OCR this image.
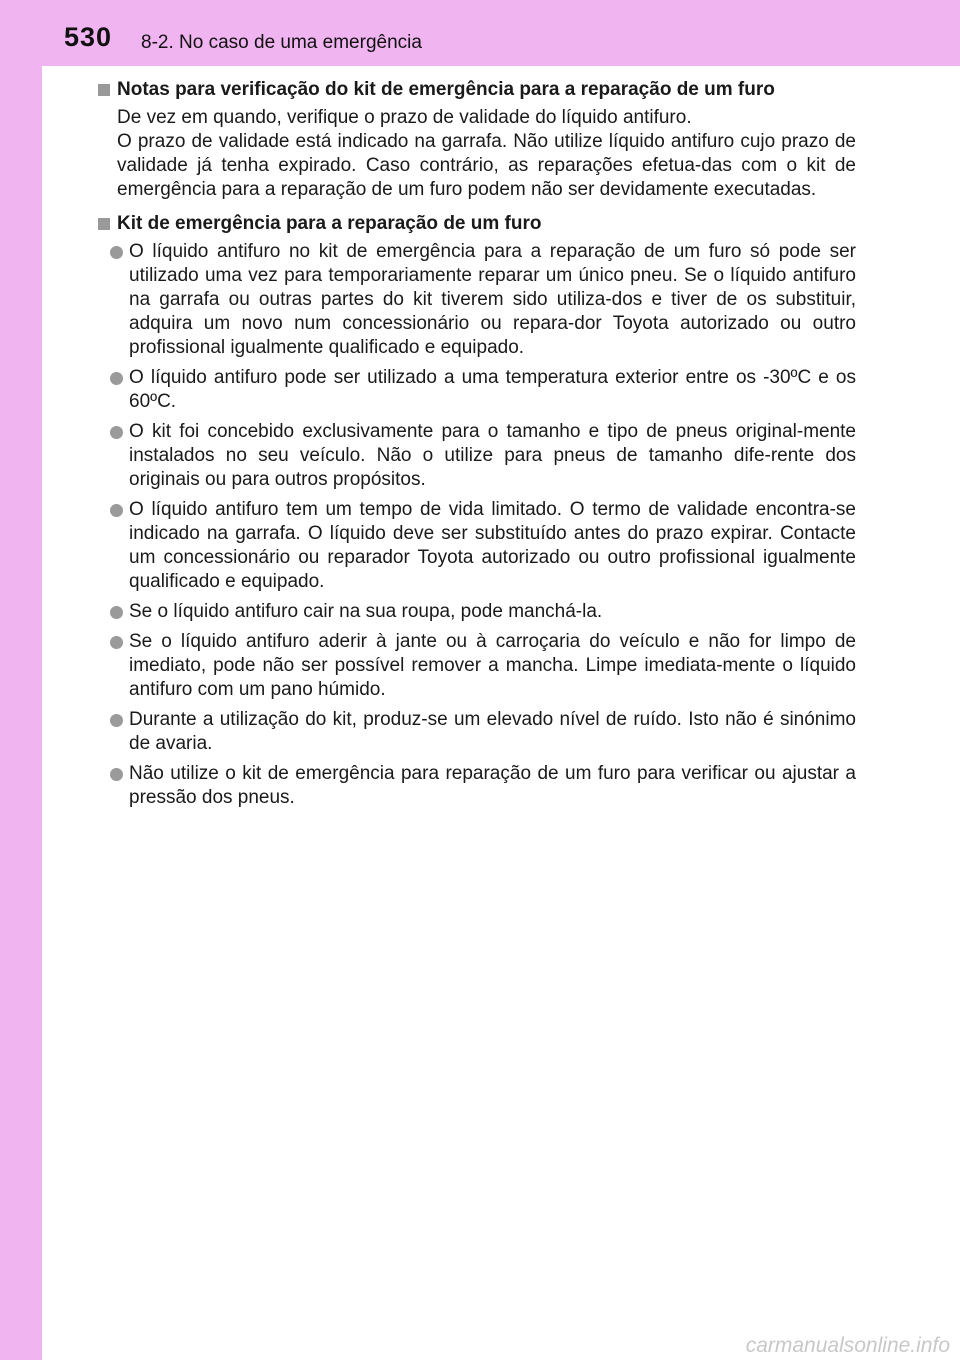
530 8-2. No caso de uma emergência
Notas para verificação do kit de emergência para a reparação de um furo
De vez em quando, verifique o prazo de validade do líquido antifuro.
O prazo de validade está indicado na garrafa. Não utilize líquido antifuro cujo prazo de validade já tenha expirado. Caso contrário, as reparações efetua-das com o kit de emergência para a reparação de um furo podem não ser devidamente executadas.
Kit de emergência para a reparação de um furo
O líquido antifuro no kit de emergência para a reparação de um furo só pode ser utilizado uma vez para temporariamente reparar um único pneu. Se o líquido antifuro na garrafa ou outras partes do kit tiverem sido utiliza-dos e tiver de os substituir, adquira um novo num concessionário ou repara-dor Toyota autorizado ou outro profissional igualmente qualificado e equipado.
O líquido antifuro pode ser utilizado a uma temperatura exterior entre os -30ºC e os 60ºC.
O kit foi concebido exclusivamente para o tamanho e tipo de pneus original-mente instalados no seu veículo. Não o utilize para pneus de tamanho dife-rente dos originais ou para outros propósitos.
O líquido antifuro tem um tempo de vida limitado. O termo de validade encontra-se indicado na garrafa. O líquido deve ser substituído antes do prazo expirar. Contacte um concessionário ou reparador Toyota autorizado ou outro profissional igualmente qualificado e equipado.
Se o líquido antifuro cair na sua roupa, pode manchá-la.
Se o líquido antifuro aderir à jante ou à carroçaria do veículo e não for limpo de imediato, pode não ser possível remover a mancha. Limpe imediata-mente o líquido antifuro com um pano húmido.
Durante a utilização do kit, produz-se um elevado nível de ruído. Isto não é sinónimo de avaria.
Não utilize o kit de emergência para reparação de um furo para verificar ou ajustar a pressão dos pneus.
carmanualsonline.info
